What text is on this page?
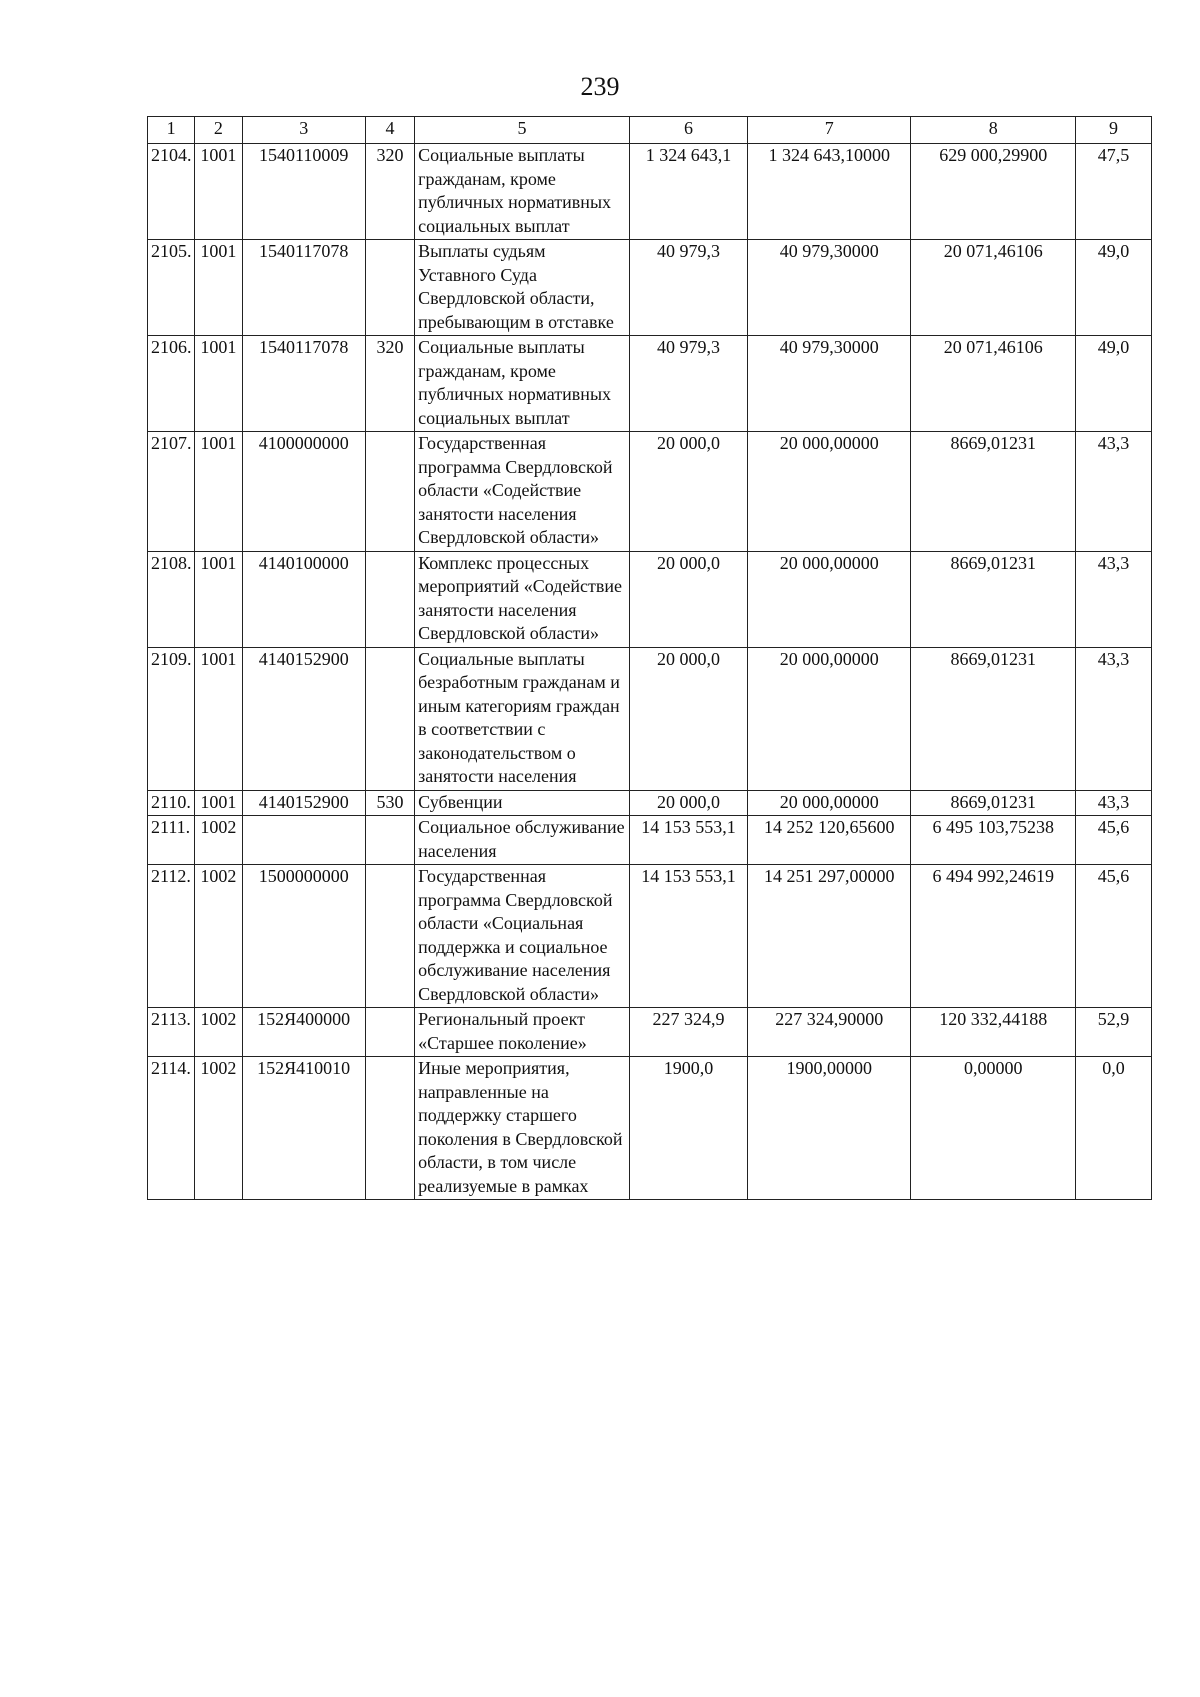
239
1	2	3	4	5	6	7	8	9
2104.	1001	1540110009	320	Социальные выплаты гражданам, кроме публичных нормативных социальных выплат	1 324 643,1	1 324 643,10000	629 000,29900	47,5
2105.	1001	1540117078		Выплаты судьям Уставного Суда Свердловской области, пребывающим в отставке	40 979,3	40 979,30000	20 071,46106	49,0
2106.	1001	1540117078	320	Социальные выплаты гражданам, кроме публичных нормативных социальных выплат	40 979,3	40 979,30000	20 071,46106	49,0
2107.	1001	4100000000		Государственная программа Свердловской области «Содействие занятости населения Свердловской области»	20 000,0	20 000,00000	8669,01231	43,3
2108.	1001	4140100000		Комплекс процессных мероприятий «Содействие занятости населения Свердловской области»	20 000,0	20 000,00000	8669,01231	43,3
2109.	1001	4140152900		Социальные выплаты безработным гражданам и иным категориям граждан в соответствии с законодательством о занятости населения	20 000,0	20 000,00000	8669,01231	43,3
2110.	1001	4140152900	530	Субвенции	20 000,0	20 000,00000	8669,01231	43,3
2111.	1002			Социальное обслуживание населения	14 153 553,1	14 252 120,65600	6 495 103,75238	45,6
2112.	1002	1500000000		Государственная программа Свердловской области «Социальная поддержка и социальное обслуживание населения Свердловской области»	14 153 553,1	14 251 297,00000	6 494 992,24619	45,6
2113.	1002	152Я400000		Региональный проект «Старшее поколение»	227 324,9	227 324,90000	120 332,44188	52,9
2114.	1002	152Я410010		Иные мероприятия, направленные на поддержку старшего поколения в Свердловской области, в том числе реализуемые в рамках	1900,0	1900,00000	0,00000	0,0
